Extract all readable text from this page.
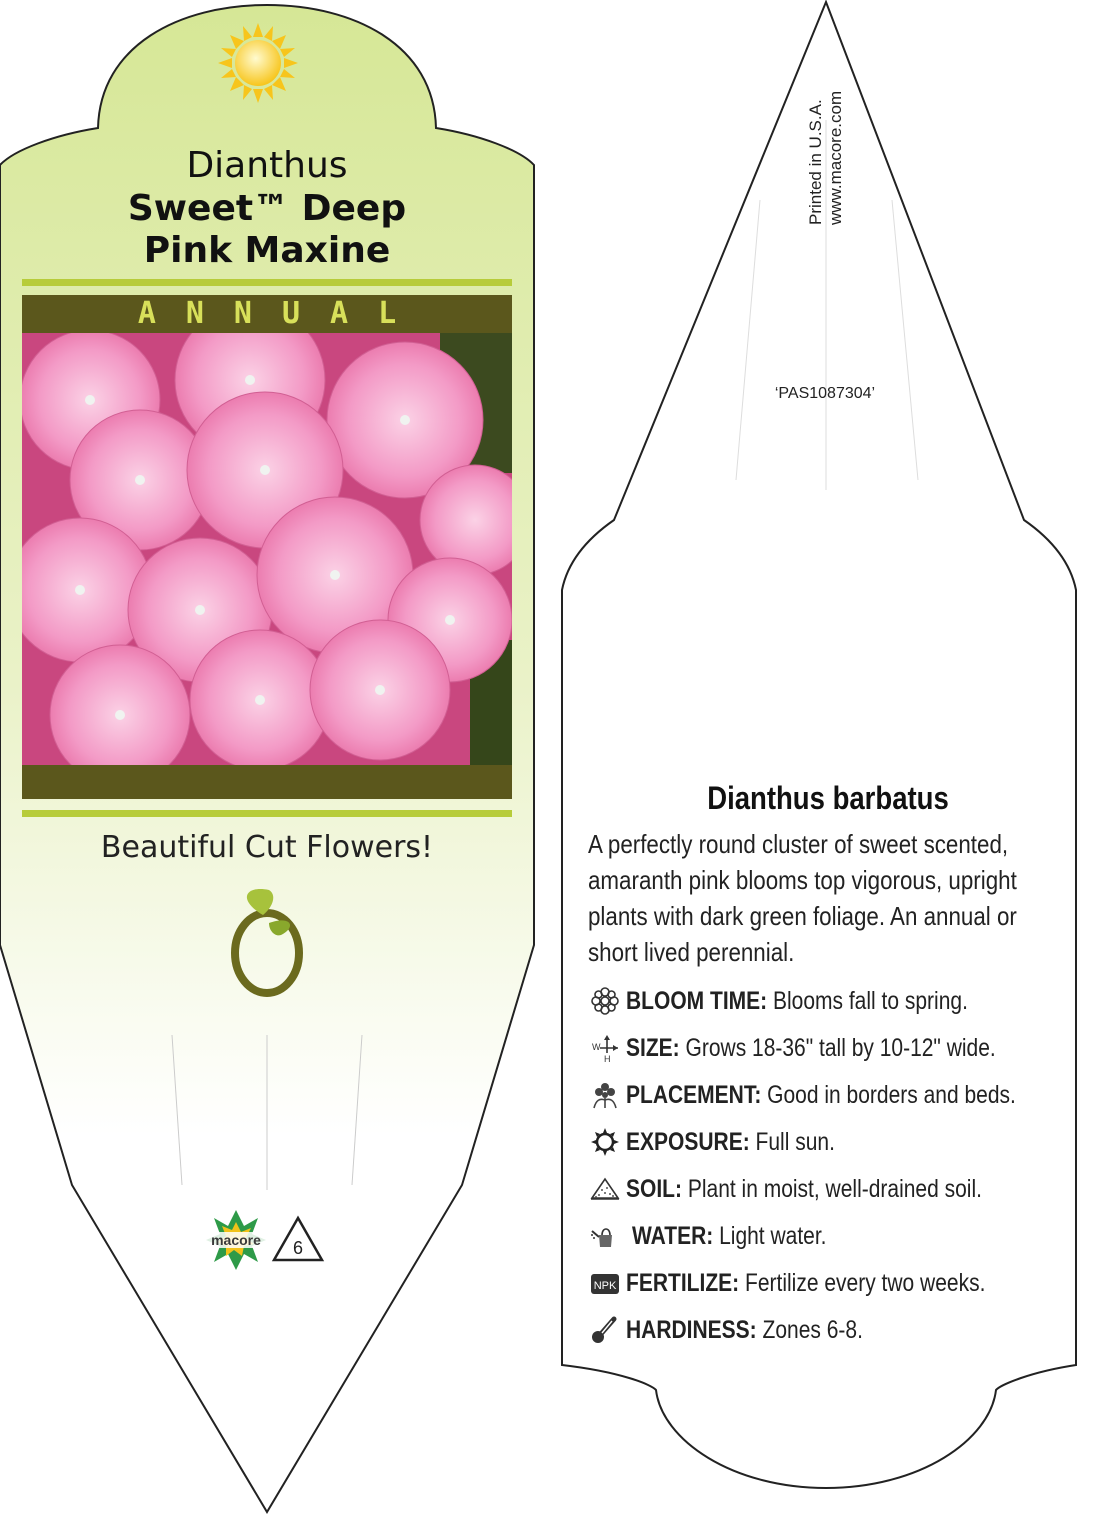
macore 6
Dianthus
Sweet™ Deep
Pink Maxine
ANNUAL
Beautiful Cut Flowers!
Printed in U.S.A. www.macore.com
‘PAS1087304’
Dianthus barbatus
A perfectly round cluster of sweet scented, amaranth pink blooms top vigorous, upright plants with dark green foliage. An annual or short lived perennial.
BLOOM TIME: Blooms fall to spring.
W
H SIZE: Grows 18-36" tall by 10-12" wide.
PLACEMENT: Good in borders and beds.
EXPOSURE: Full sun.
SOIL: Plant in moist, well-drained soil.
WATER: Light water.
NPK FERTILIZE: Fertilize every two weeks.
HARDINESS: Zones 6-8.
